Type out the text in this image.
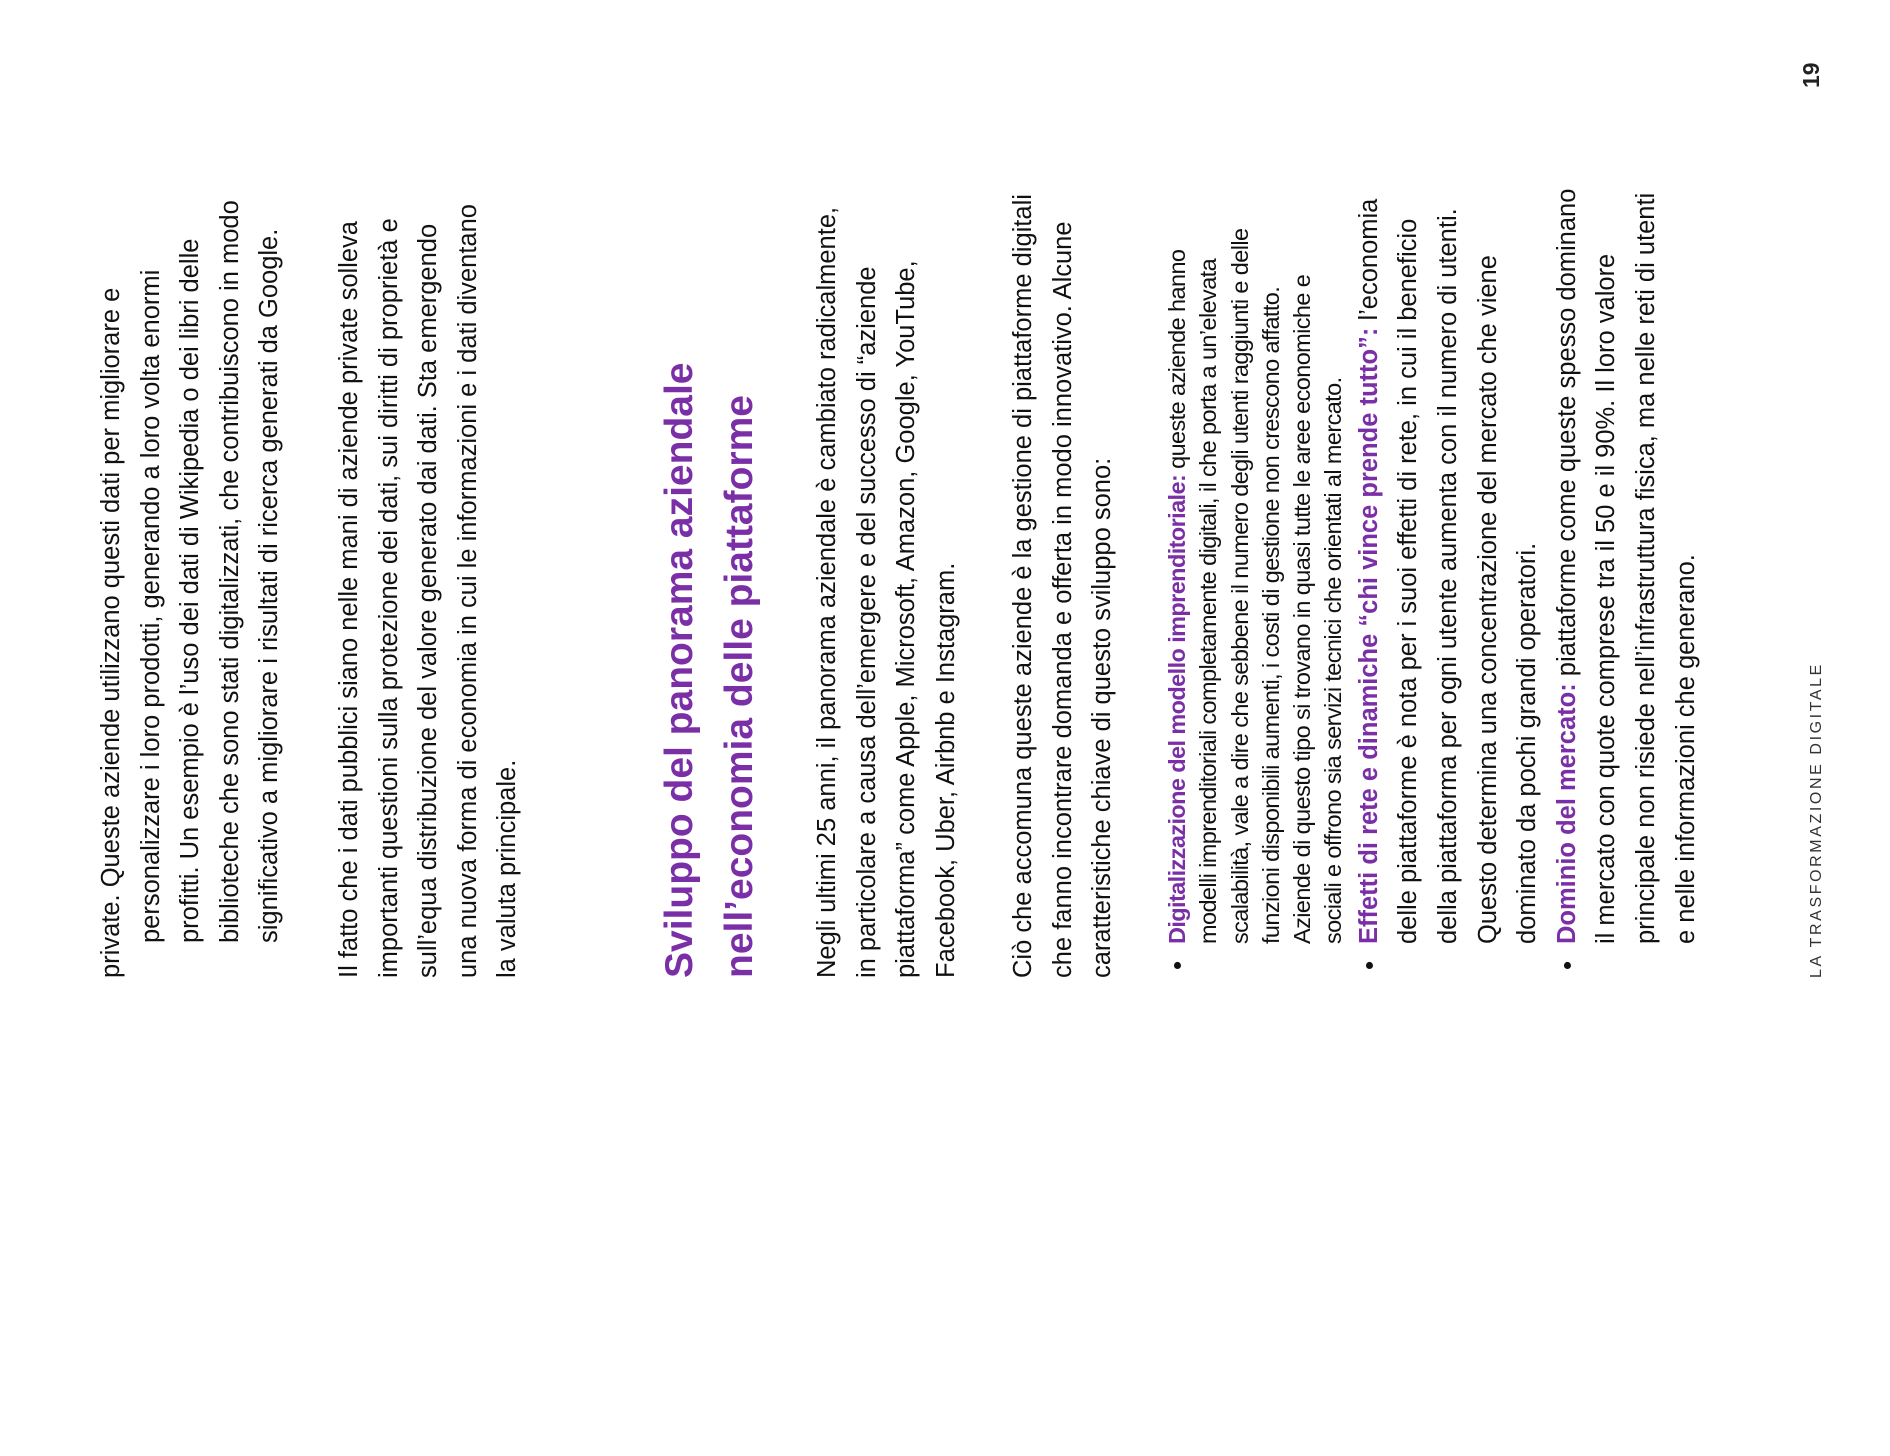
private. Queste aziende utilizzano questi dati per migliorare e personalizzare i loro prodotti, generando a loro volta enormi profitti. Un esempio è l’uso dei dati di Wikipedia o dei libri delle biblioteche che sono stati digitalizzati, che contribuiscono in modo significativo a migliorare i risultati di ricerca generati da Google. Il fatto che i dati pubblici siano nelle mani di aziende private solleva importanti questioni sulla protezione dei dati, sui diritti di proprietà e sull’equa distribuzione del valore generato dai dati. Sta emergendo una nuova forma di economia in cui le informazioni e i dati diventano la valuta principale.	Sviluppo del panorama aziendale nell’economia delle piattaforme	Negli ultimi 25 anni, il panorama aziendale è cambiato radicalmente, in particolare a causa dell’emergere e del successo di “aziende piattaforma” come Apple, Microsoft, Amazon, Google, YouTube, Facebook, Uber, Airbnb e Instagram. Ciò che accomuna queste aziende è la gestione di piattaforme digitali che fanno incontrare domanda e offerta in modo innovativo. Alcune caratteristiche chiave di questo sviluppo sono: •
Digitalizzazione del modello imprenditoriale: queste aziende hanno modelli imprenditoriali completamente digitali, il che porta a un’elevata scalabilità, vale a dire che sebbene il numero degli utenti raggiunti e delle funzioni disponibili aumenti, i costi di gestione non crescono affatto. Aziende di questo tipo si trovano in quasi tutte le aree economiche e sociali e offrono sia servizi tecnici che orientati al mercato.
•
Effetti di rete e dinamiche “chi vince prende tutto”: l’economia delle piattaforme è nota per i suoi effetti di rete, in cui il beneficio della piattaforma per ogni utente aumenta con il numero di utenti. Questo determina una concentrazione del mercato che viene dominato da pochi grandi operatori.
•
Dominio del mercato: piattaforme come queste spesso dominano il mercato con quote comprese tra il 50 e il 90%. Il loro valore principale non risiede nell’infrastruttura fisica, ma nelle reti di utenti e nelle informazioni che generano.	LA TRASFORMAZIONE DIGITALE
19
